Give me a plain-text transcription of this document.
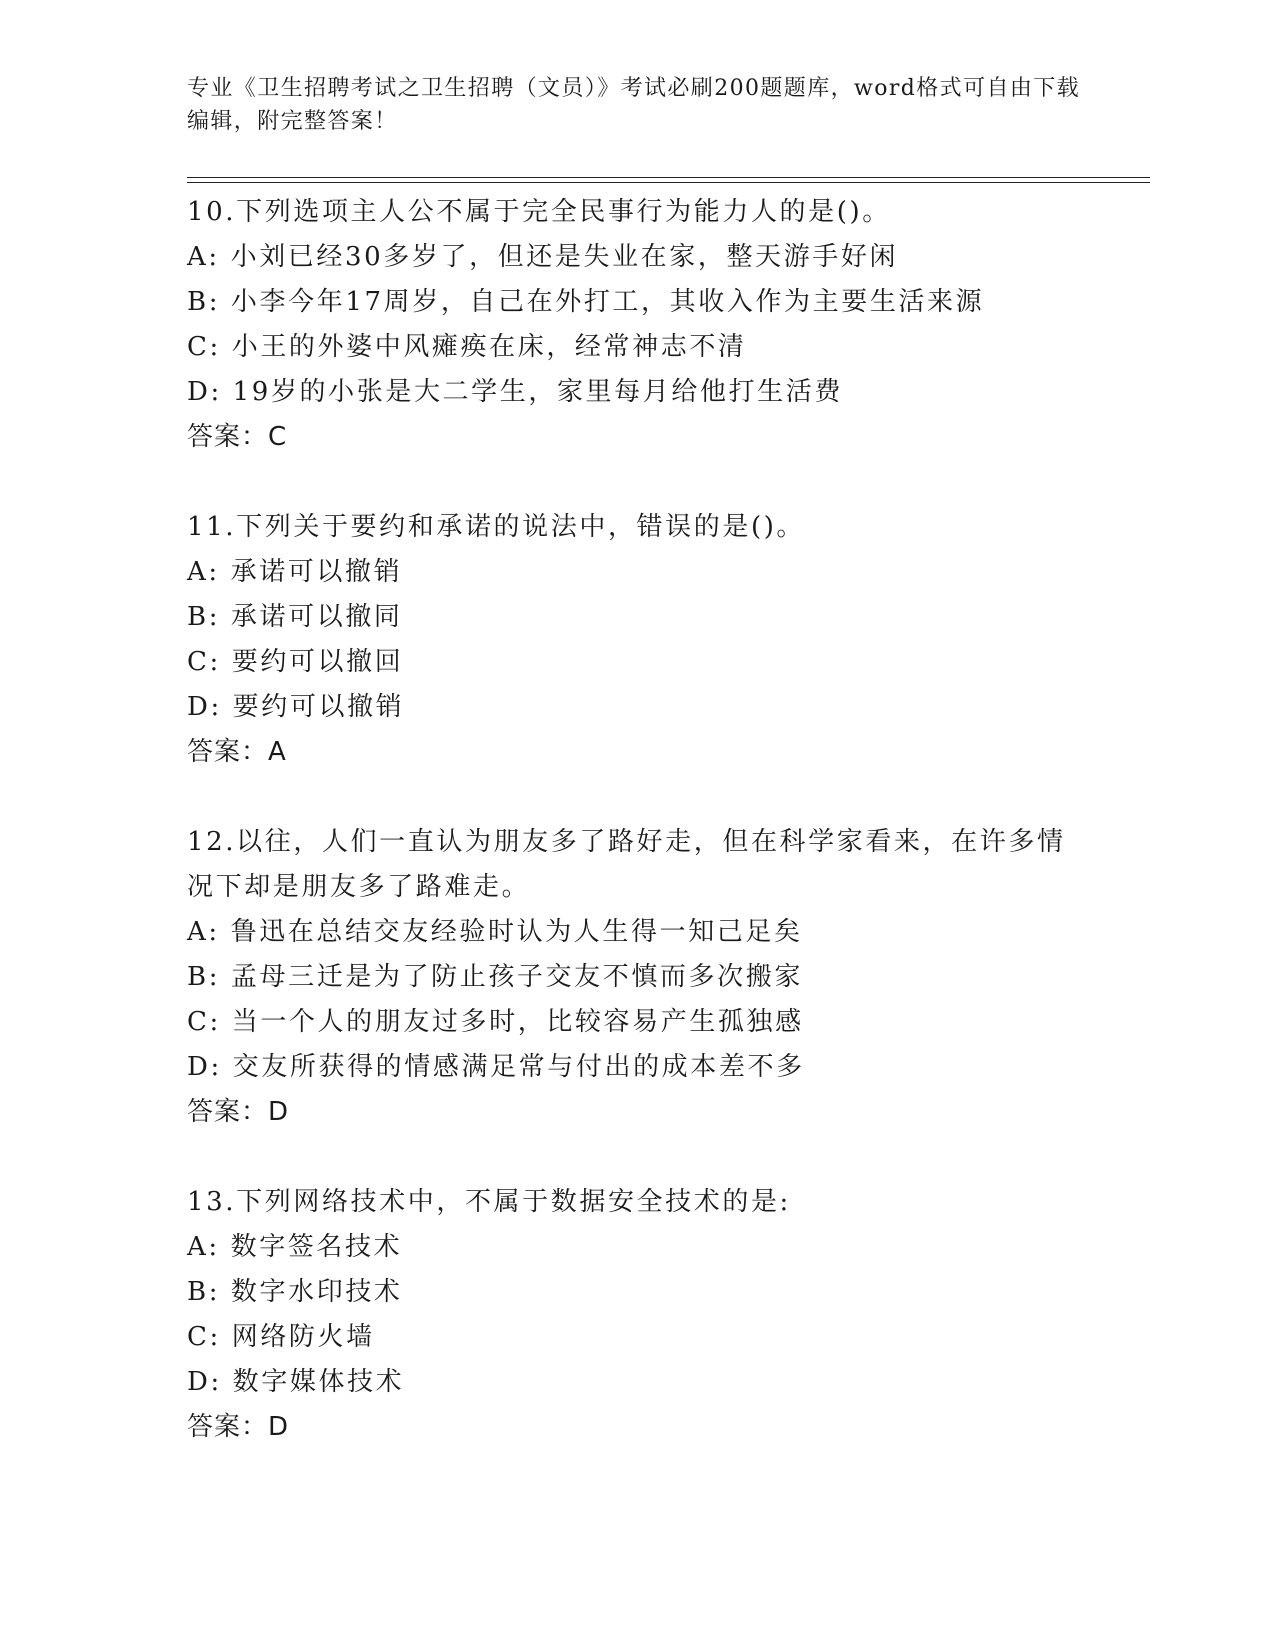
专业《卫生招聘考试之卫生招聘（文员）》考试必刷200题题库，word格式可自由下载编辑，附完整答案！
10.下列选项主人公不属于完全民事行为能力人的是()。
A: 小刘已经30多岁了，但还是失业在家，整天游手好闲
B: 小李今年17周岁，自己在外打工，其收入作为主要生活来源
C: 小王的外婆中风瘫痪在床，经常神志不清
D: 19岁的小张是大二学生，家里每月给他打生活费
答案：C
11.下列关于要约和承诺的说法中，错误的是()。
A: 承诺可以撤销
B: 承诺可以撤同
C: 要约可以撤回
D: 要约可以撤销
答案：A
12.以往，人们一直认为朋友多了路好走，但在科学家看来，在许多情况下却是朋友多了路难走。
A: 鲁迅在总结交友经验时认为人生得一知己足矣
B: 孟母三迁是为了防止孩子交友不慎而多次搬家
C: 当一个人的朋友过多时，比较容易产生孤独感
D: 交友所获得的情感满足常与付出的成本差不多
答案：D
13.下列网络技术中，不属于数据安全技术的是:
A: 数字签名技术
B: 数字水印技术
C: 网络防火墙
D: 数字媒体技术
答案：D
